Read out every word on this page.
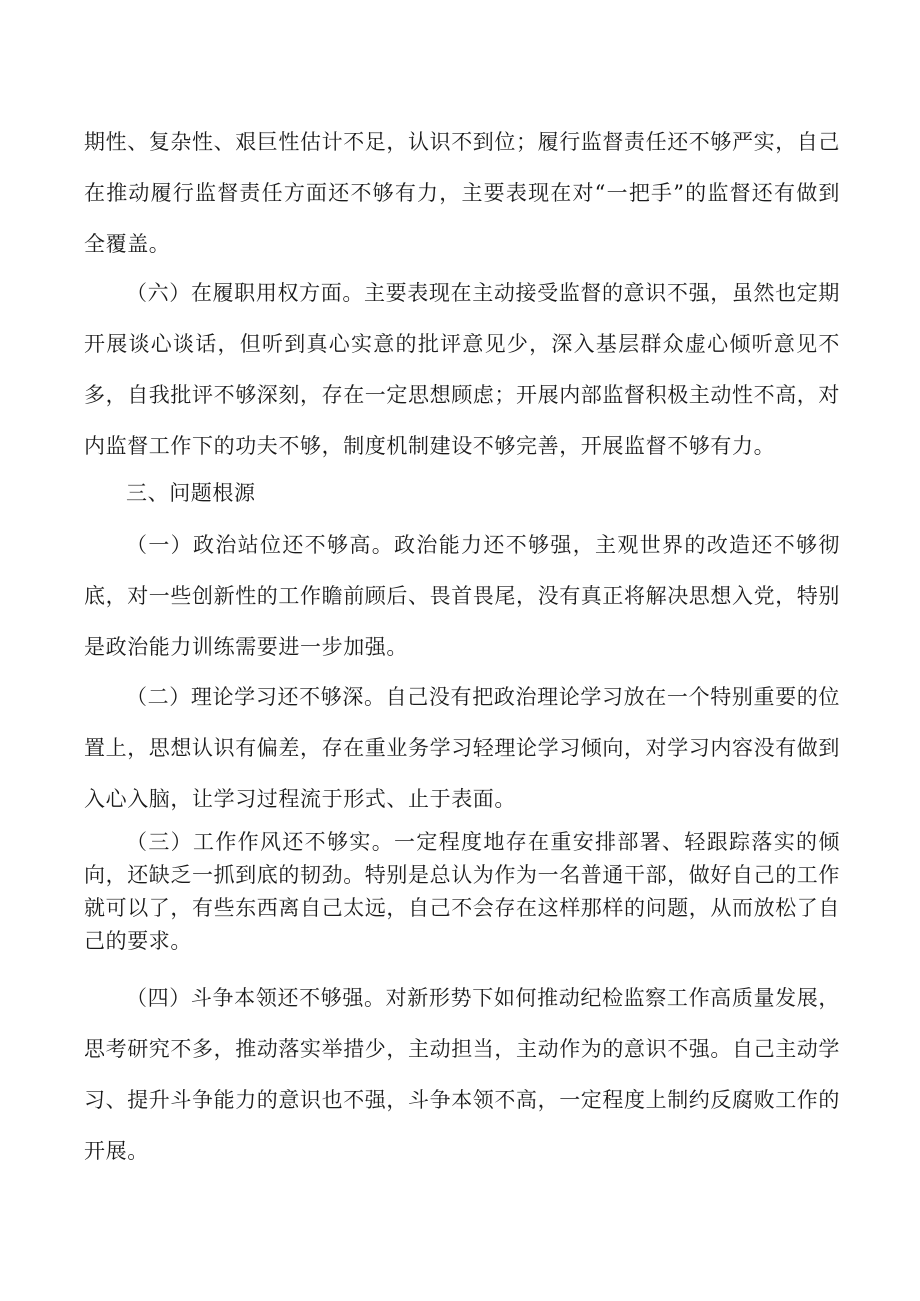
期性、复杂性、艰巨性估计不足，认识不到位；履行监督责任还不够严实，自己在推动履行监督责任方面还不够有力，主要表现在对“一把手”的监督还有做到全覆盖。

（六）在履职用权方面。主要表现在主动接受监督的意识不强，虽然也定期开展谈心谈话，但听到真心实意的批评意见少，深入基层群众虚心倾听意见不多，自我批评不够深刻，存在一定思想顾虑；开展内部监督积极主动性不高，对内监督工作下的功夫不够，制度机制建设不够完善，开展监督不够有力。

三、问题根源

（一）政治站位还不够高。政治能力还不够强，主观世界的改造还不够彻底，对一些创新性的工作瞻前顾后、畏首畏尾，没有真正将解决思想入党，特别是政治能力训练需要进一步加强。

（二）理论学习还不够深。自己没有把政治理论学习放在一个特别重要的位置上，思想认识有偏差，存在重业务学习轻理论学习倾向，对学习内容没有做到入心入脑，让学习过程流于形式、止于表面。

（三）工作作风还不够实。一定程度地存在重安排部署、轻跟踪落实的倾向，还缺乏一抓到底的韧劲。特别是总认为作为一名普通干部，做好自己的工作就可以了，有些东西离自己太远，自己不会存在这样那样的问题，从而放松了自己的要求。

（四）斗争本领还不够强。对新形势下如何推动纪检监察工作高质量发展，思考研究不多，推动落实举措少，主动担当，主动作为的意识不强。自己主动学习、提升斗争能力的意识也不强，斗争本领不高，一定程度上制约反腐败工作的开展。
